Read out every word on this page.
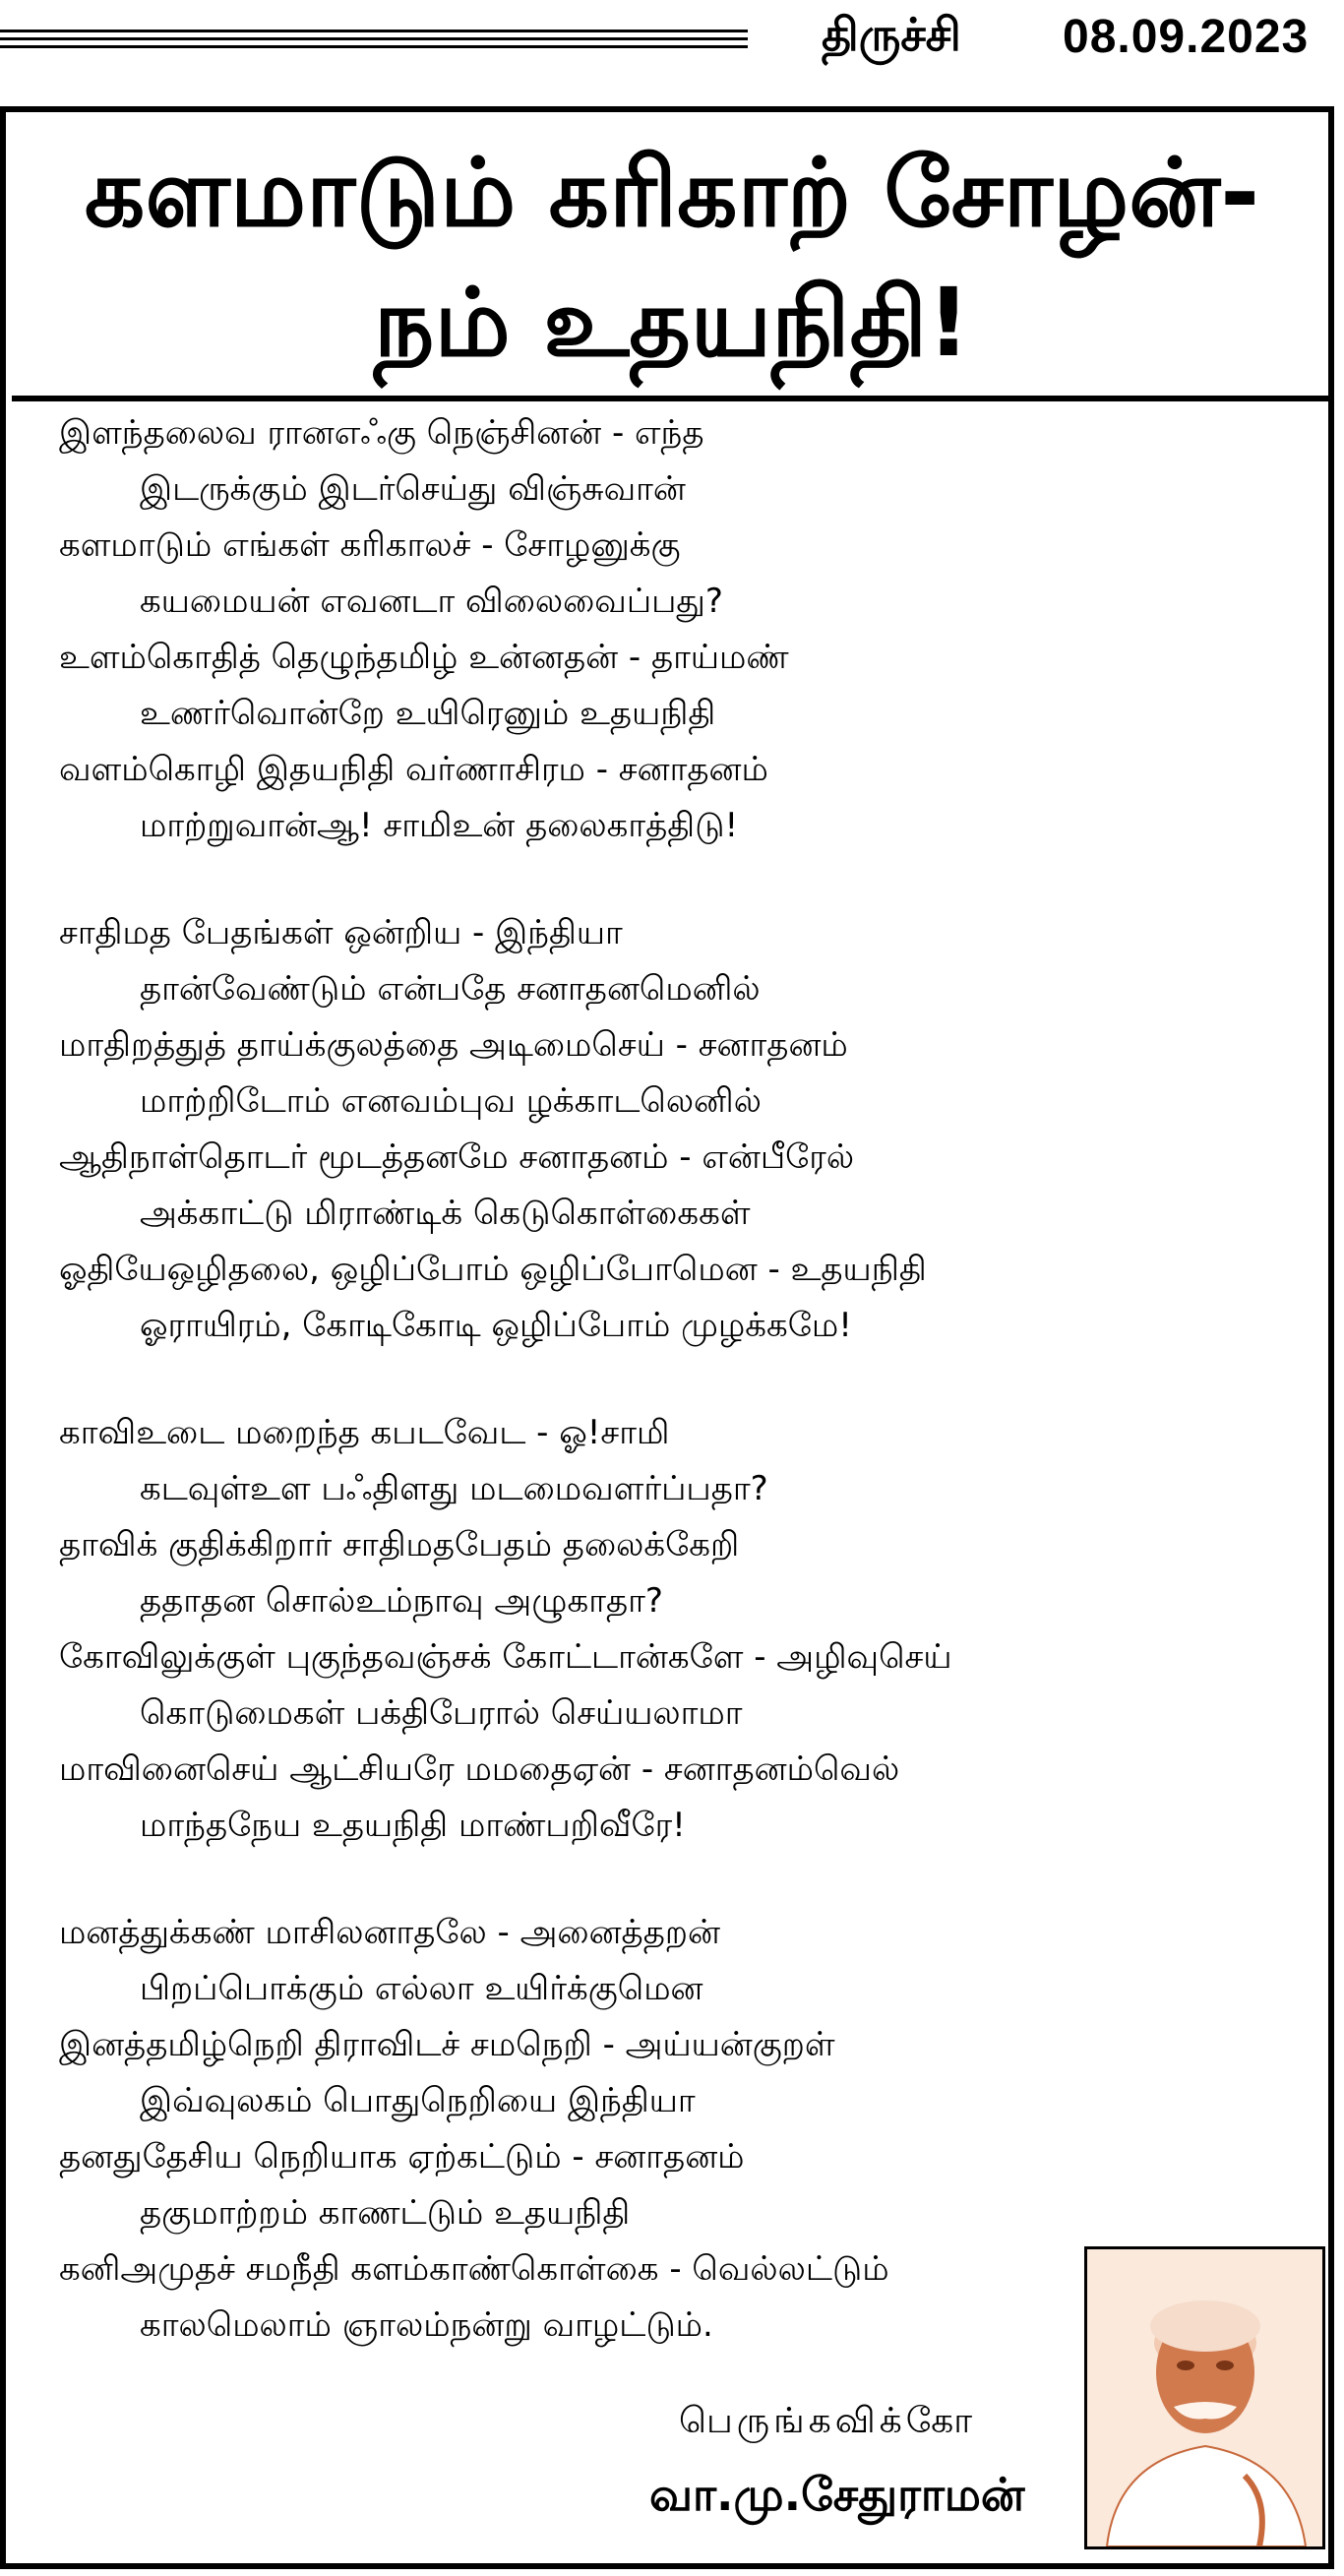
திருச்சி 08.09.2023
களமாடும் கரிகாற் சோழன்-
நம் உதயநிதி!
இளந்தலைவ ரானஎஃகு நெஞ்சினன் - எந்த
இடருக்கும் இடர்செய்து விஞ்சுவான்
களமாடும் எங்கள் கரிகாலச் - சோழனுக்கு
கயமையன் எவனடா விலைவைப்பது?
உளம்கொதித் தெழுந்தமிழ் உன்னதன் - தாய்மண்
உணர்வொன்றே உயிரெனும் உதயநிதி
வளம்கொழி இதயநிதி வர்ணாசிரம - சனாதனம்
மாற்றுவான்ஆ! சாமிஉன் தலைகாத்திடு!
சாதிமத பேதங்கள் ஒன்றிய - இந்தியா
தான்வேண்டும் என்பதே சனாதனமெனில்
மாதிறத்துத் தாய்க்குலத்தை அடிமைசெய் - சனாதனம்
மாற்றிடோம் எனவம்புவ ழக்காடலெனில்
ஆதிநாள்தொடர் மூடத்தனமே சனாதனம் - என்பீரேல்
அக்காட்டு மிராண்டிக் கெடுகொள்கைகள்
ஓதியேஒழிதலை, ஒழிப்போம் ஒழிப்போமென - உதயநிதி
ஓராயிரம், கோடிகோடி ஒழிப்போம் முழக்கமே!
காவிஉடை மறைந்த கபடவேட - ஓ!சாமி
கடவுள்உள பஃதிளது மடமைவளர்ப்பதா?
தாவிக் குதிக்கிறார் சாதிமதபேதம் தலைக்கேறி
ததாதன சொல்உம்நாவு அழுகாதா?
கோவிலுக்குள் புகுந்தவஞ்சக் கோட்டான்களே - அழிவுசெய்
கொடுமைகள் பக்திபேரால் செய்யலாமா
மாவினைசெய் ஆட்சியரே மமதைஏன் - சனாதனம்வெல்
மாந்தநேய உதயநிதி மாண்பறிவீரே!
மனத்துக்கண் மாசிலனாதலே - அனைத்தறன்
பிறப்பொக்கும் எல்லா உயிர்க்குமென
இனத்தமிழ்நெறி திராவிடச் சமநெறி - அய்யன்குறள்
இவ்வுலகம் பொதுநெறியை இந்தியா
தனதுதேசிய நெறியாக ஏற்கட்டும் - சனாதனம்
தகுமாற்றம் காணட்டும் உதயநிதி
கனிஅமுதச் சமநீதி களம்காண்கொள்கை - வெல்லட்டும்
காலமெலாம் ஞாலம்நன்று வாழட்டும்.
பெருங்கவிக்கோ
வா.மு.சேதுராமன்
